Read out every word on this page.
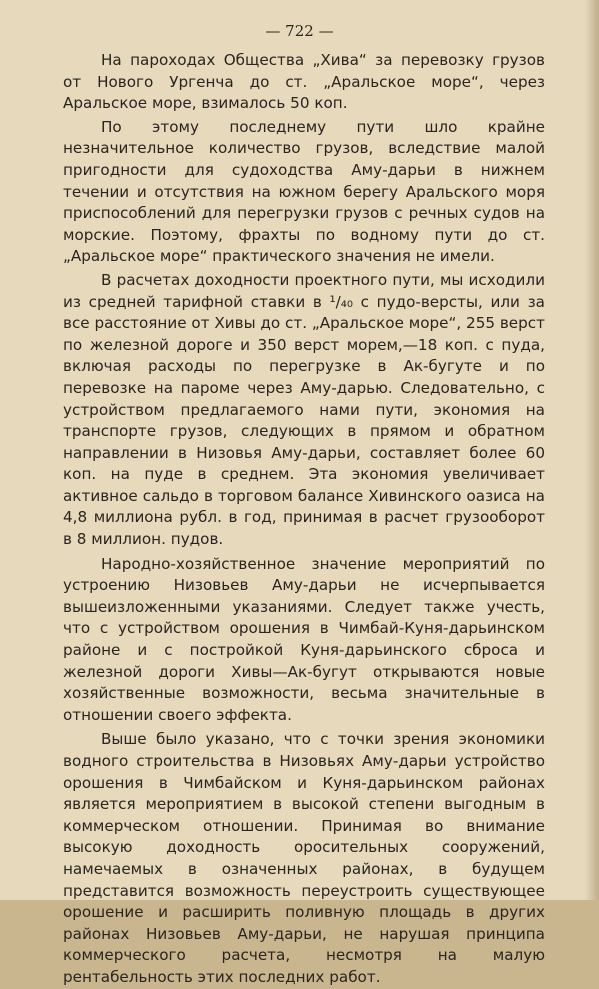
— 722 —

На пароходах Общества „Хива“ за перевозку грузов от Нового Ургенча до ст. „Аральское море“, через Аральское море, взималось 50 коп.

По этому последнему пути шло крайне незначительное количество грузов, вследствие малой пригодности для судоходства Аму-дарьи в нижнем течении и отсутствия на южном берегу Аральского моря приспособлений для перегрузки грузов с речных судов на морские. Поэтому, фрахты по водному пути до ст. „Аральское море“ практического значения не имели.

В расчетах доходности проектного пути, мы исходили из средней тарифной ставки в ¹/₄₀ с пудо-версты, или за все расстояние от Хивы до ст. „Аральское море“, 255 верст по железной дороге и 350 верст морем,—18 коп. с пуда, включая расходы по перегрузке в Ак-бугуте и по перевозке на пароме через Аму-дарью. Следовательно, с устройством предлагаемого нами пути, экономия на транспорте грузов, следующих в прямом и обратном направлении в Низовья Аму-дарьи, составляет более 60 коп. на пуде в среднем. Эта экономия увеличивает активное сальдо в торговом балансе Хивинского оазиса на 4,8 миллиона рубл. в год, принимая в расчет грузооборот в 8 миллион. пудов.

Народно-хозяйственное значение мероприятий по устроению Низовьев Аму-дарьи не исчерпывается вышеизложенными указаниями. Следует также учесть, что с устройством орошения в Чимбай-Куня-дарьинском районе и с постройкой Куня-дарьинского сброса и железной дороги Хивы—Ак-бугут открываются новые хозяйственные возможности, весьма значительные в отношении своего эффекта.

Выше было указано, что с точки зрения экономики водного строительства в Низовьях Аму-дарьи устройство орошения в Чимбайском и Куня-дарьинском районах является мероприятием в высокой степени выгодным в коммерческом отношении. Принимая во внимание высокую доходность оросительных сооружений, намечаемых в означенных районах, в будущем представится возможность переустроить существующее орошение и расширить поливную площадь в других районах Низовьев Аму-дарьи, не нарушая принципа коммерческого расчета, несмотря на малую рентабельность этих последних работ.
